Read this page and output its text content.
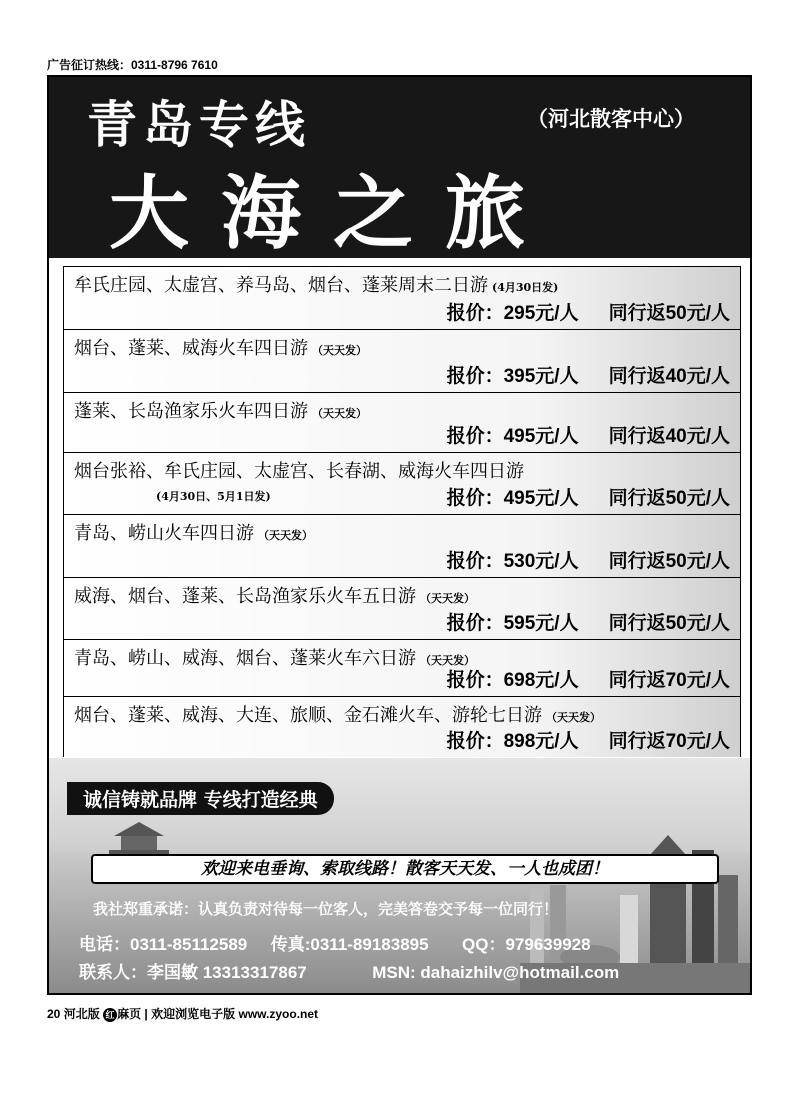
广告征订热线：0311-8796 7610
青岛专线	（河北散客中心）
大海之旅
牟氏庄园、太虚宫、养马岛、烟台、蓬莱周末二日游 (4月30日发)
报价：295元/人 同行返50元/人
烟台、蓬莱、威海火车四日游 （天天发）
报价：395元/人 同行返40元/人
蓬莱、长岛渔家乐火车四日游 （天天发）
报价：495元/人 同行返40元/人
烟台张裕、牟氏庄园、太虚宫、长春湖、威海火车四日游
(4月30日、5月1日发)	报价：495元/人 同行返50元/人
青岛、崂山火车四日游 （天天发）
报价：530元/人 同行返50元/人
威海、烟台、蓬莱、长岛渔家乐火车五日游 （天天发）
报价：595元/人 同行返50元/人
青岛、崂山、威海、烟台、蓬莱火车六日游 （天天发）
报价：698元/人 同行返70元/人
烟台、蓬莱、威海、大连、旅顺、金石滩火车、游轮七日游 （天天发）
报价：898元/人 同行返70元/人
诚信铸就品牌 专线打造经典
欢迎来电垂询、索取线路！散客天天发、一人也成团！
我社郑重承诺：认真负责对待每一位客人，完美答卷交予每一位同行！
电话：0311-85112589 传真:0311-89183895 QQ：979639928
联系人：李国敏 13313317867	MSN: dahaizhilv@hotmail.com
20 河北版 红 麻页 | 欢迎浏览电子版 www.zyoo.net
